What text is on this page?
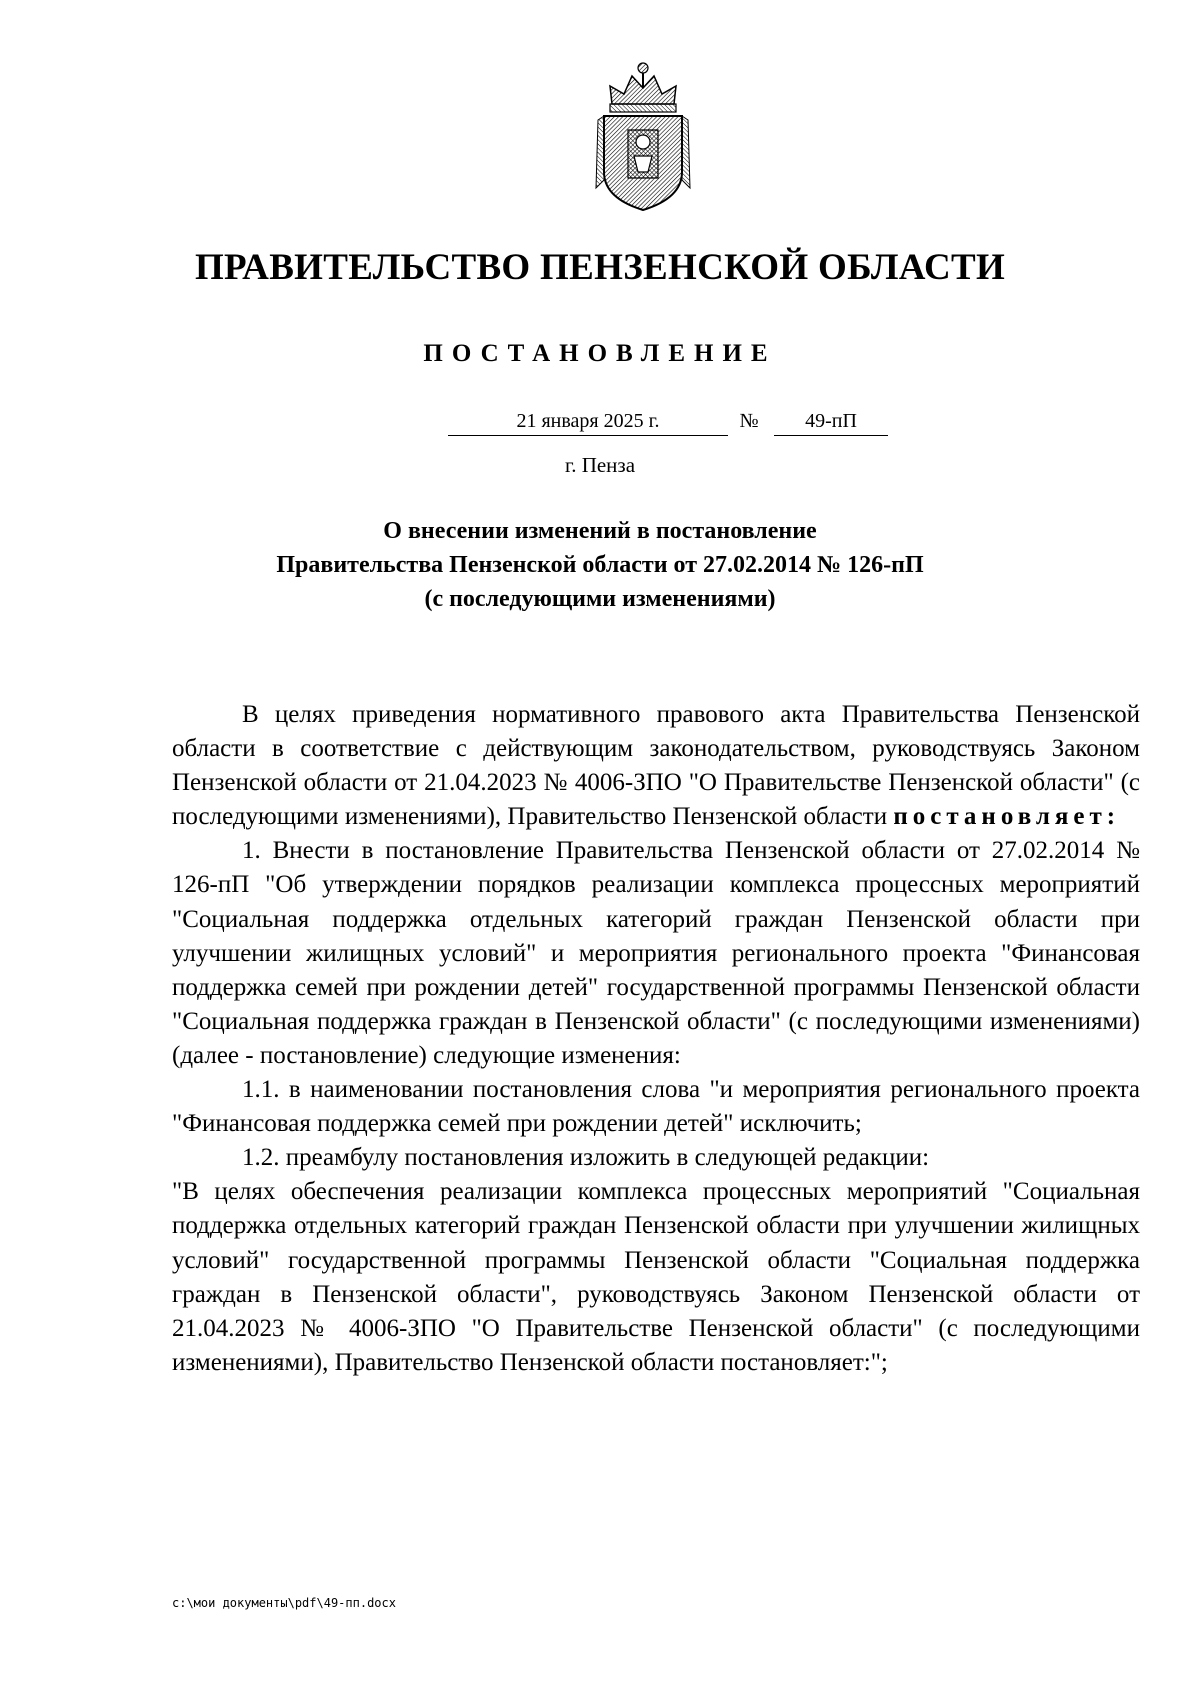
ПРАВИТЕЛЬСТВО ПЕНЗЕНСКОЙ ОБЛАСТИ
ПОСТАНОВЛЕНИЕ
21 января 2025 г.	№	49-пП
г. Пенза
О внесении изменений в постановление
Правительства Пензенской области от 27.02.2014 № 126-пП
(с последующими изменениями)

В целях приведения нормативного правового акта Правительства Пензенской области в соответствие с действующим законодательством, руководствуясь Законом Пензенской области от 21.04.2023 № 4006-ЗПО "О Правительстве Пензенской области" (с последующими изменениями), Правительство Пензенской области постановляет:

1. Внести в постановление Правительства Пензенской области от 27.02.2014 № 126-пП "Об утверждении порядков реализации комплекса процессных мероприятий "Социальная поддержка отдельных категорий граждан Пензенской области при улучшении жилищных условий" и мероприятия регионального проекта "Финансовая поддержка семей при рождении детей" государственной программы Пензенской области "Социальная поддержка граждан в Пензенской области" (с последующими изменениями) (далее - постановление) следующие изменения:

1.1. в наименовании постановления слова "и мероприятия регионального проекта "Финансовая поддержка семей при рождении детей" исключить;

1.2. преамбулу постановления изложить в следующей редакции:

"В целях обеспечения реализации комплекса процессных мероприятий "Социальная поддержка отдельных категорий граждан Пензенской области при улучшении жилищных условий" государственной программы Пензенской области "Социальная поддержка граждан в Пензенской области", руководствуясь Законом Пензенской области от 21.04.2023 № 4006-ЗПО "О Правительстве Пензенской области" (с последующими изменениями), Правительство Пензенской области постановляет:";

c:\мои документы\pdf\49-пп.docx
